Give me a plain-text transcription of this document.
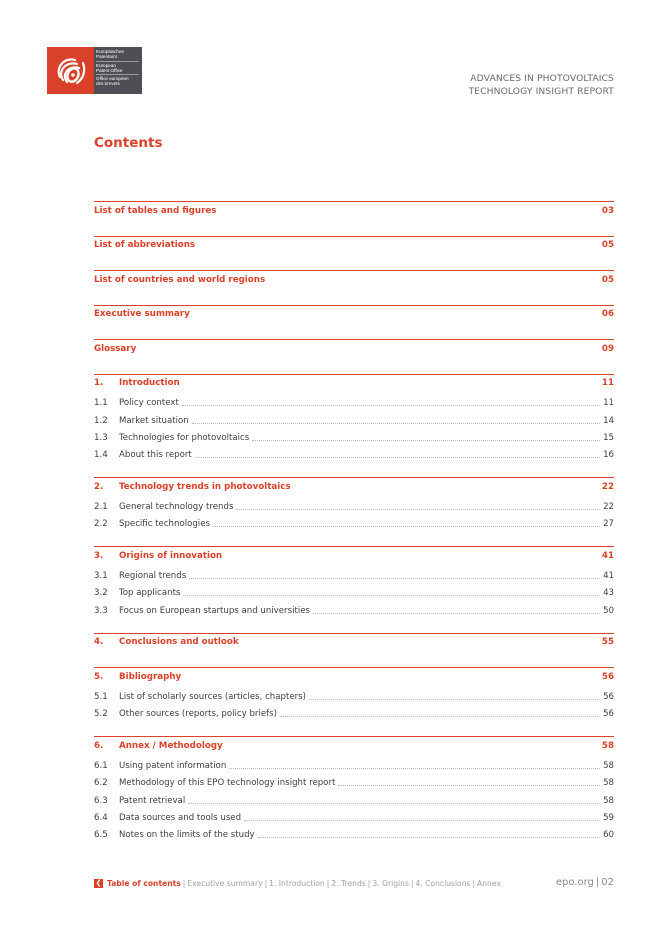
Europäisches
Patentamt
European
Patent Office
Office européen
des brevets	ADVANCES IN PHOTOVOLTAICS
TECHNOLOGY INSIGHT REPORT
Contents
List of tables and figures	03
List of abbreviations	05
List of countries and world regions	05
Executive summary	06
Glossary	09
1.	Introduction	11
1.1	Policy context	11
1.2	Market situation	14
1.3	Technologies for photovoltaics	15
1.4	About this report	16
2.	Technology trends in photovoltaics	22
2.1	General technology trends	22
2.2	Specific technologies	27
3.	Origins of innovation	41
3.1	Regional trends	41
3.2	Top applicants	43
3.3	Focus on European startups and universities	50
4.	Conclusions and outlook	55
5.	Bibliography	56
5.1	List of scholarly sources (articles, chapters)	56
5.2	Other sources (reports, policy briefs)	56
6.	Annex / Methodology	58
6.1	Using patent information	58
6.2	Methodology of this EPO technology insight report	58
6.3	Patent retrieval	58
6.4	Data sources and tools used	59
6.5	Notes on the limits of the study	60
❮ Table of contents | Executive summary | 1. Introduction | 2. Trends | 3. Origins | 4. Conclusions | Annex	epo.org | 02
